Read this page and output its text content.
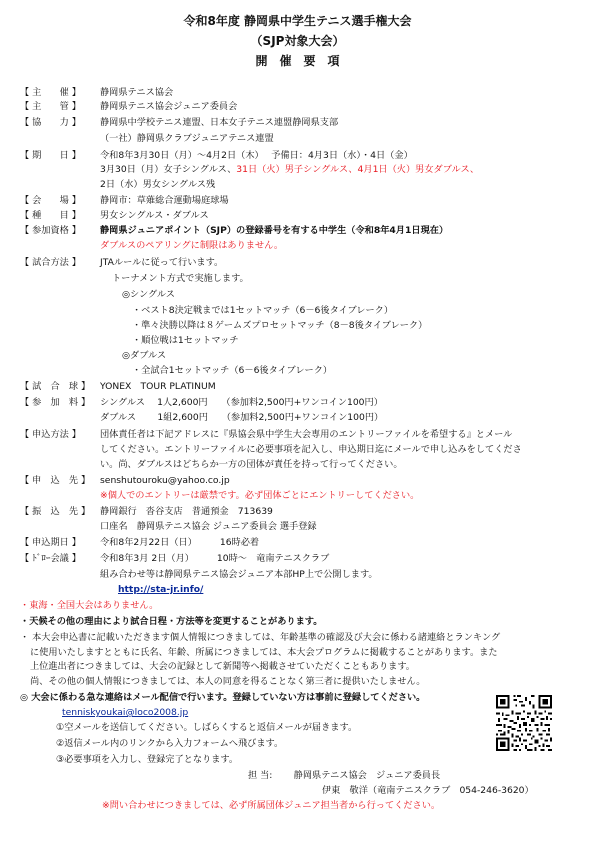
令和8年度 静岡県中学生テニス選手権大会
（SJP対象大会）
開　催　要　項
【 主　　催 】 静岡県テニス協会
【 主　　管 】 静岡県テニス協会ジュニア委員会
【 協　　力 】 静岡県中学校テニス連盟、日本女子テニス連盟静岡県支部
（一社）静岡県クラブジュニアテニス連盟
【 期　　日 】 令和8年3月30日（月）～4月2日（木）　 予備日：4月3日（水）・4日（金）
3月30日（月）女子シングルス、31日（火）男子シングルス、4月1日（火）男女ダブルス、
2日（水）男女シングルス残
【 会　　場 】 静岡市：草薙総合運動場庭球場
【 種　　目 】 男女シングルス・ダブルス
【 参加資格 】 静岡県ジュニアポイント（SJP）の登録番号を有する中学生（令和8年4月1日現在）
ダブルスのペアリングに制限はありません。
【 試合方法 】 JTAルールに従って行います。
トーナメント方式で実施します。
◎シングルス
・ベスト8決定戦までは1セットマッチ（6－6後タイブレーク）
・準々決勝以降は８ゲームズプロセットマッチ（8－8後タイブレーク）
・順位戦は1セットマッチ
◎ダブルス
・全試合1セットマッチ（6－6後タイブレーク）
【 試　合　球 】 YONEX　TOUR PLATINUM
【 参　加　料 】 シングルス　 1人2,600円　　（参加料2,500円+ワンコイン100円）
ダブルス　　 1組2,600円　　（参加料2,500円+ワンコイン100円）
【 申込方法 】 団体責任者は下記アドレスに『県協会県中学生大会専用のエントリーファイルを希望する』とメール
してください。エントリーファイルに必要事項を記入し、申込期日迄にメールで申し込みをしてくださ
い。尚、ダブルスはどちらか一方の団体が責任を持って行ってください。
【 申　込　先 】 senshutouroku@yahoo.co.jp
※個人でのエントリーは厳禁です。必ず団体ごとにエントリーしてください。
【 振　込　先 】 静岡銀行　沓谷支店　普通預金　713639
口座名　静岡県テニス協会 ジュニア委員会 選手登録
【 申込期日 】 令和8年2月22日（日）　　　16時必着
【 ﾄﾞﾛｰ会議 】 令和8年3月 2日（月）　　　10時～　竜南テニスクラブ
組み合わせ等は静岡県テニス協会ジュニア本部HP上で公開します。
http://sta-jr.info/
・東海・全国大会はありません。
・天候その他の理由により試合日程・方法等を変更することがあります。
・ 本大会申込書に記載いただきます個人情報につきましては、年齢基準の確認及び大会に係わる諸連絡とランキング
に使用いたしますとともに氏名、年齢、所属につきましては、本大会プログラムに掲載することがあります。また
上位進出者につきましては、大会の記録として新聞等へ掲載させていただくこともあります。
尚、その他の個人情報につきましては、本人の同意を得ることなく第三者に提供いたしません。
◎ 大会に係わる急な連絡はメール配信で行います。登録していない方は事前に登録してください。
tenniskyoukai@loco2008.jp
①空メールを送信してください。しばらくすると返信メールが届きます。
②返信メール内のリンクから入力フォームへ飛びます。
③必要事項を入力し、登録完了となります。
担 当:　　 静岡県テニス協会　ジュニア委員長
伊東　敬洋（竜南テニスクラブ　054-246-3620）
※問い合わせにつきましては、必ず所属団体ジュニア担当者から行ってください。
